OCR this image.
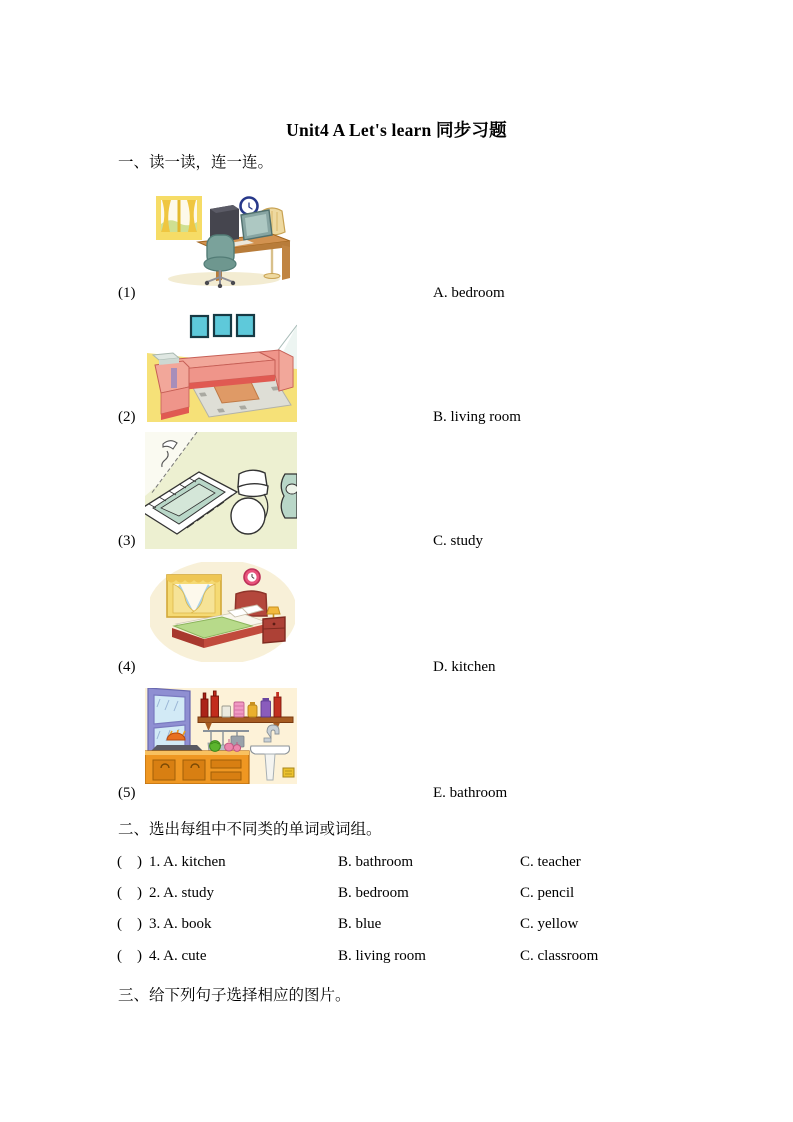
Unit4 A Let's learn 同步习题
一、读一读，连一连。
(1)	A. bedroom
(2)	B. living room
(3)	C. study
(4)	D. kitchen
(5)	E. bathroom
二、选出每组中不同类的单词或词组。
(　) 1. A. kitchen	B. bathroom	C. teacher
(　) 2. A. study	B. bedroom	C. pencil
(　) 3. A. book	B. blue	C. yellow
(　) 4. A. cute	B. living room	C. classroom
三、给下列句子选择相应的图片。
